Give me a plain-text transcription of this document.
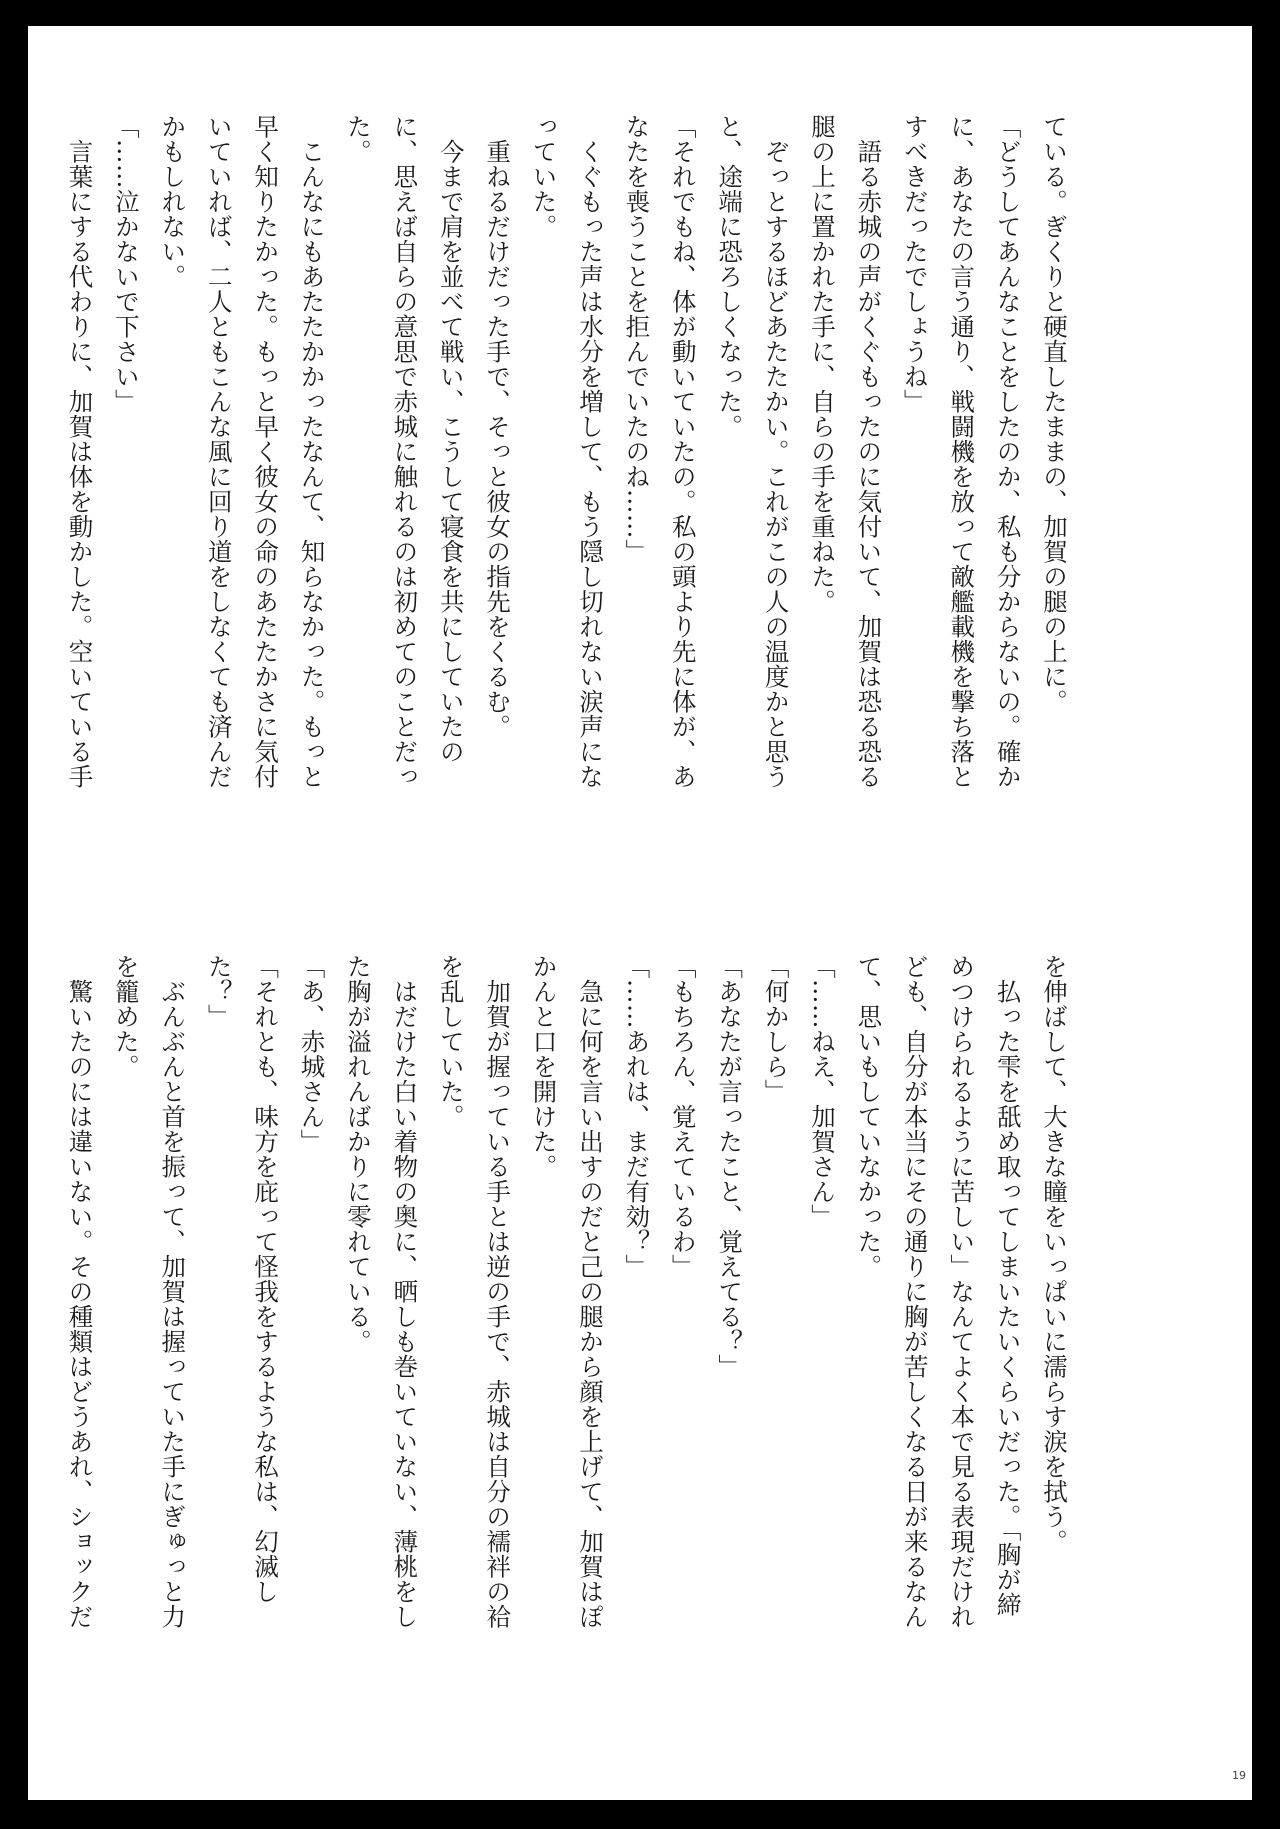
ている。ぎくりと硬直したままの、加賀の腿の上に。
「どうしてあんなことをしたのか、私も分からないの。確か
に、あなたの言う通り、戦闘機を放って敵艦載機を撃ち落と
すべきだったでしょうね」
　語る赤城の声がくぐもったのに気付いて、加賀は恐る恐る
腿の上に置かれた手に、自らの手を重ねた。
　ぞっとするほどあたたかい。これがこの人の温度かと思う
と、途端に恐ろしくなった。
「それでもね、体が動いていたの。私の頭より先に体が、あ
なたを喪うことを拒んでいたのね……」
　くぐもった声は水分を増して、もう隠し切れない涙声にな
っていた。
　重ねるだけだった手で、そっと彼女の指先をくるむ。
　今まで肩を並べて戦い、こうして寝食を共にしていたの
に、思えば自らの意思で赤城に触れるのは初めてのことだっ
た。
　こんなにもあたたかかったなんて、知らなかった。もっと
早く知りたかった。もっと早く彼女の命のあたたかさに気付
いていれば、二人ともこんな風に回り道をしなくても済んだ
かもしれない。
「……泣かないで下さい」
　言葉にする代わりに、加賀は体を動かした。空いている手
を伸ばして、大きな瞳をいっぱいに濡らす涙を拭う。
　払った雫を舐め取ってしまいたいくらいだった。「胸が締
めつけられるように苦しい」なんてよく本で見る表現だけれ
ども、自分が本当にその通りに胸が苦しくなる日が来るなん
て、思いもしていなかった。
「……ねえ、加賀さん」
「何かしら」
「あなたが言ったこと、覚えてる？」
「もちろん、覚えているわ」
「……あれは、まだ有効？」
　急に何を言い出すのだと己の腿から顔を上げて、加賀はぽ
かんと口を開けた。
　加賀が握っている手とは逆の手で、赤城は自分の襦袢の袷
を乱していた。
　はだけた白い着物の奥に、晒しも巻いていない、薄桃をし
た胸が溢れんばかりに零れている。
「あ、赤城さん」
「それとも、味方を庇って怪我をするような私は、幻滅し
た？」
　ぶんぶんと首を振って、加賀は握っていた手にぎゅっと力
を籠めた。
　驚いたのには違いない。その種類はどうあれ、ショックだ
19
